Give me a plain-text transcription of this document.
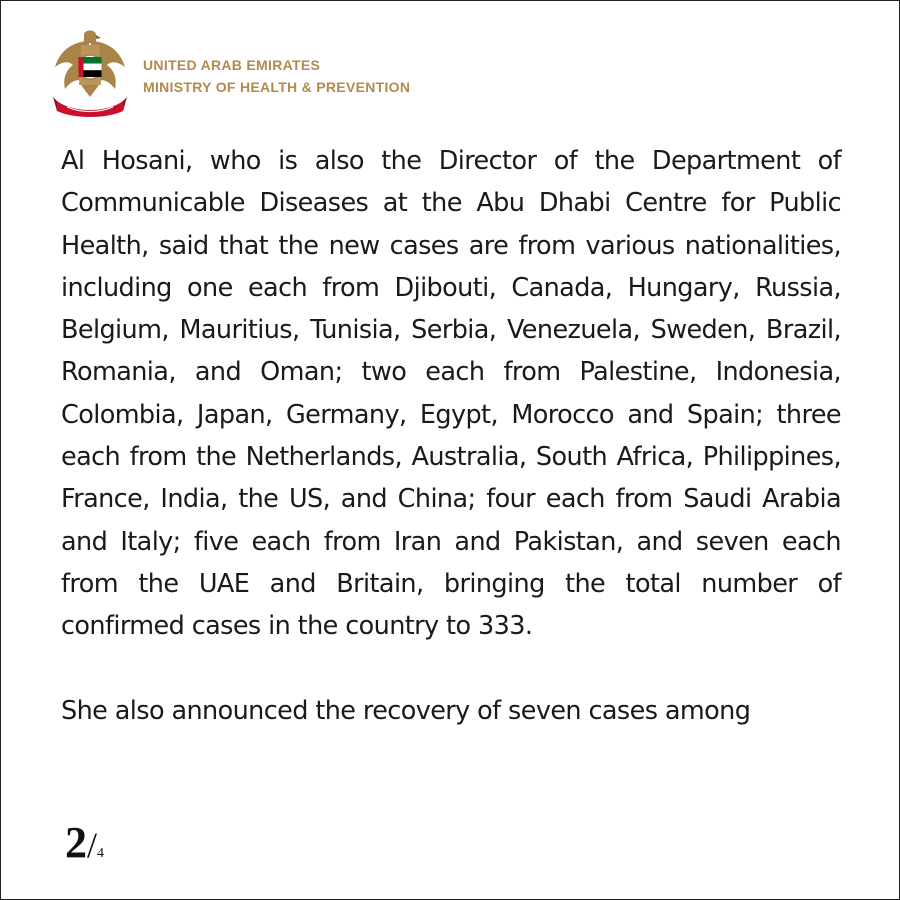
UNITED ARAB EMIRATES
MINISTRY OF HEALTH & PREVENTION

Al Hosani, who is also the Director of the Department of Communicable Diseases at the Abu Dhabi Centre for Public Health, said that the new cases are from various nationalities, including one each from Djibouti, Canada, Hungary, Russia, Belgium, Mauritius, Tunisia, Serbia, Venezuela, Sweden, Brazil, Romania, and Oman; two each from Palestine, Indonesia, Colombia, Japan, Germany, Egypt, Morocco and Spain; three each from the Netherlands, Australia, South Africa, Philippines, France, India, the US, and China; four each from Saudi Arabia and Italy; five each from Iran and Pakistan, and seven each from the UAE and Britain, bringing the total number of confirmed cases in the country to 333.

She also announced the recovery of seven cases among

2/4
